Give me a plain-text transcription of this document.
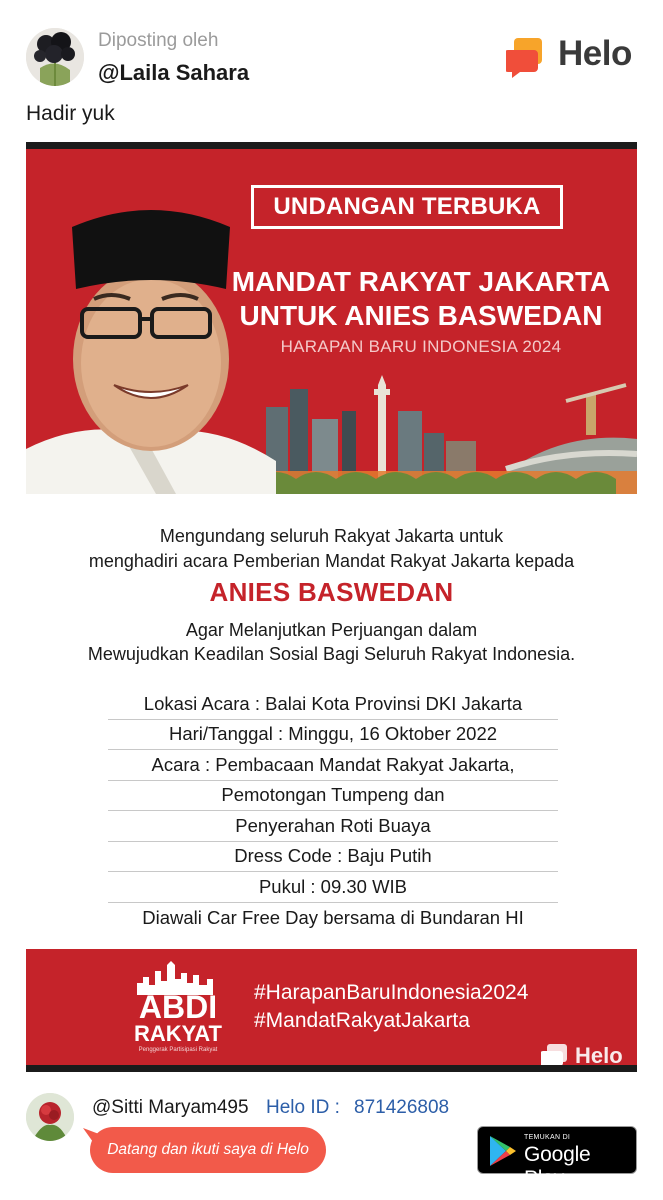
Diposting oleh
@Laila Sahara	Helo
Hadir yuk
UNDANGAN TERBUKA
MANDAT RAKYAT JAKARTA
UNTUK ANIES BASWEDAN
HARAPAN BARU INDONESIA 2024
Mengundang seluruh Rakyat Jakarta untuk
menghadiri acara Pemberian Mandat Rakyat Jakarta kepada
ANIES BASWEDAN
Agar Melanjutkan Perjuangan dalam
Mewujudkan Keadilan Sosial Bagi Seluruh Rakyat Indonesia.
Lokasi Acara : Balai Kota Provinsi DKI Jakarta
Hari/Tanggal : Minggu, 16 Oktober 2022
Acara : Pembacaan Mandat Rakyat Jakarta,
Pemotongan Tumpeng dan
Penyerahan Roti Buaya
Dress Code : Baju Putih
Pukul : 09.30 WIB
Diawali Car Free Day bersama di Bundaran HI
ABDI
RAKYAT
Penggerak Partisipasi Rakyat
#HarapanBaruIndonesia2024
#MandatRakyatJakarta
Helo
@Sitti Maryam495 Helo ID : 871426808
Datang dan ikuti saya di Helo
TEMUKAN DI
Google Play
